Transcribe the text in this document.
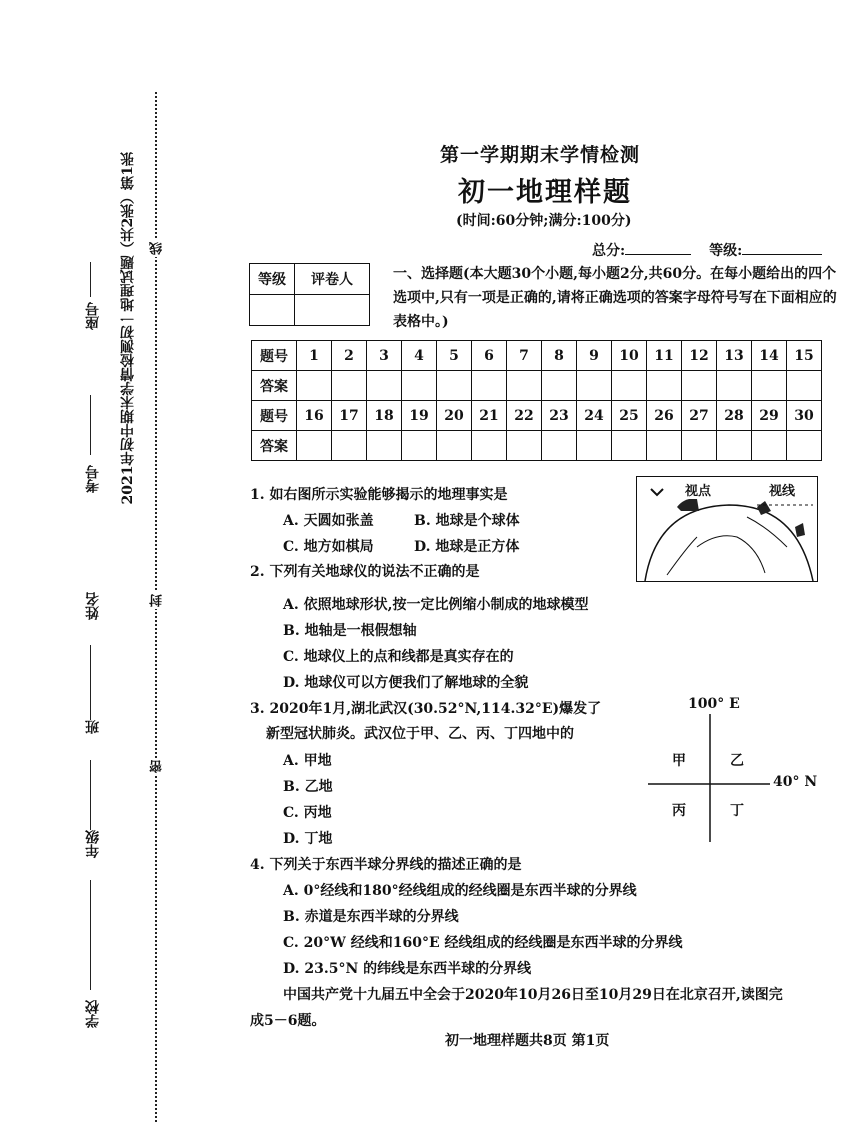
线
封
密
2021年初中期末学情检测初一地理试题（共2张）第1张
座号
考号
姓名
班
年级
学校
第一学期期末学情检测
初一地理样题
(时间:60分钟;满分:100分)
总分:	等级:
等级	评卷人
		一、选择题(本大题30个小题,每小题2分,共60分。在每小题给出的四个选项中,只有一项是正确的,请将正确选项的答案字母符号写在下面相应的表格中。)
题号	1	2	3	4	5	6	7	8	9	10	11	12	13	14	15
答案															
题号	16	17	18	19	20	21	22	23	24	25	26	27	28	29	30
答案															
1. 如右图所示实验能够揭示的地理事实是
A. 天圆如张盖	B. 地球是个球体
C. 地方如棋局	D. 地球是正方体
视点	视线
2. 下列有关地球仪的说法不正确的是
A. 依照地球形状,按一定比例缩小制成的地球模型
B. 地轴是一根假想轴
C. 地球仪上的点和线都是真实存在的
D. 地球仪可以方便我们了解地球的全貌
3. 2020年1月,湖北武汉(30.52°N,114.32°E)爆发了
新型冠状肺炎。武汉位于甲、乙、丙、丁四地中的
A. 甲地
B. 乙地
C. 丙地
D. 丁地
100° E
40° N
甲	乙
丙	丁
4. 下列关于东西半球分界线的描述正确的是
A. 0°经线和180°经线组成的经线圈是东西半球的分界线
B. 赤道是东西半球的分界线
C. 20°W 经线和160°E 经线组成的经线圈是东西半球的分界线
D. 23.5°N 的纬线是东西半球的分界线
中国共产党十九届五中全会于2020年10月26日至10月29日在北京召开,读图完
成5－6题。
初一地理样题共8页 第1页
